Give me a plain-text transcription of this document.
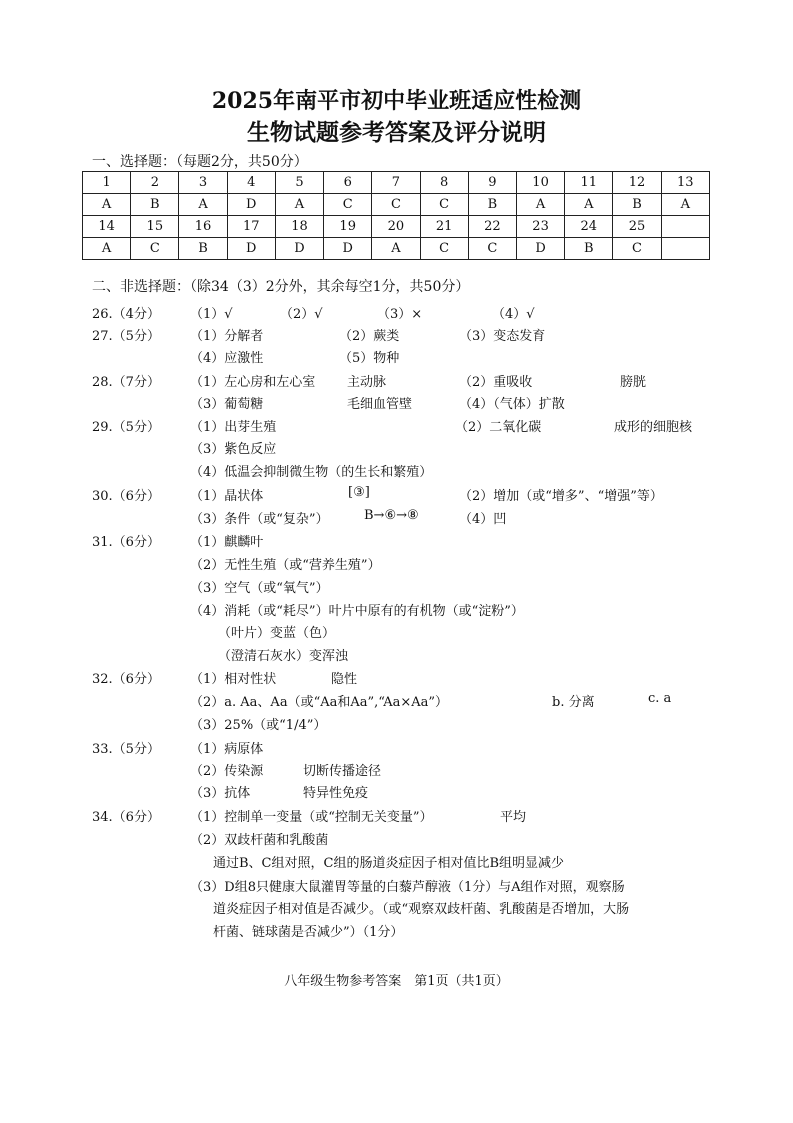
2025年南平市初中毕业班适应性检测
生物试题参考答案及评分说明
一、选择题：（每题2分，共50分）
1	2	3	4	5	6	7	8	9	10	11	12	13
A	B	A	D	A	C	C	C	B	A	A	B	A
14	15	16	17	18	19	20	21	22	23	24	25	
A	C	B	D	D	D	A	C	C	D	B	C	
二、非选择题：（除34（3）2分外，其余每空1分，共50分）
26.（4分） （1）√	（2）√	（3）×	（4）√
27.（5分） （1）分解者	（2）蕨类	（3）变态发育
（4）应激性	（5）物种
28.（7分） （1）左心房和左心室 主动脉	（2）重吸收	膀胱
（3）葡萄糖	毛细血管壁	（4）（气体）扩散
29.（5分） （1）出芽生殖	（2）二氧化碳	成形的细胞核
（3）紫色反应
（4）低温会抑制微生物（的生长和繁殖）
30.（6分） （1）晶状体	[③]	（2）增加（或“增多”、“增强”等）
（3）条件（或“复杂”）	B→⑥→⑧	（4）凹
31.（6分） （1）麒麟叶
（2）无性生殖（或“营养生殖”）
（3）空气（或“氧气”）
（4）消耗（或“耗尽”）叶片中原有的有机物（或“淀粉”）
（叶片）变蓝（色）
（澄清石灰水）变浑浊
32.（6分） （1）相对性状	隐性
（2）a. Aa、Aa（或“Aa和Aa”,“Aa×Aa”）	b. 分离	c. a
（3）25%（或“1/4”）
33.（5分） （1）病原体
（2）传染源	切断传播途径
（3）抗体	特异性免疫
34.（6分） （1）控制单一变量（或“控制无关变量”）	平均
（2）双歧杆菌和乳酸菌
通过B、C组对照，C组的肠道炎症因子相对值比B组明显减少
（3）D组8只健康大鼠灌胃等量的白藜芦醇液（1分）与A组作对照，观察肠
道炎症因子相对值是否减少。（或“观察双歧杆菌、乳酸菌是否增加，大肠
杆菌、链球菌是否减少”）（1分）
八年级生物参考答案　第1页（共1页）
